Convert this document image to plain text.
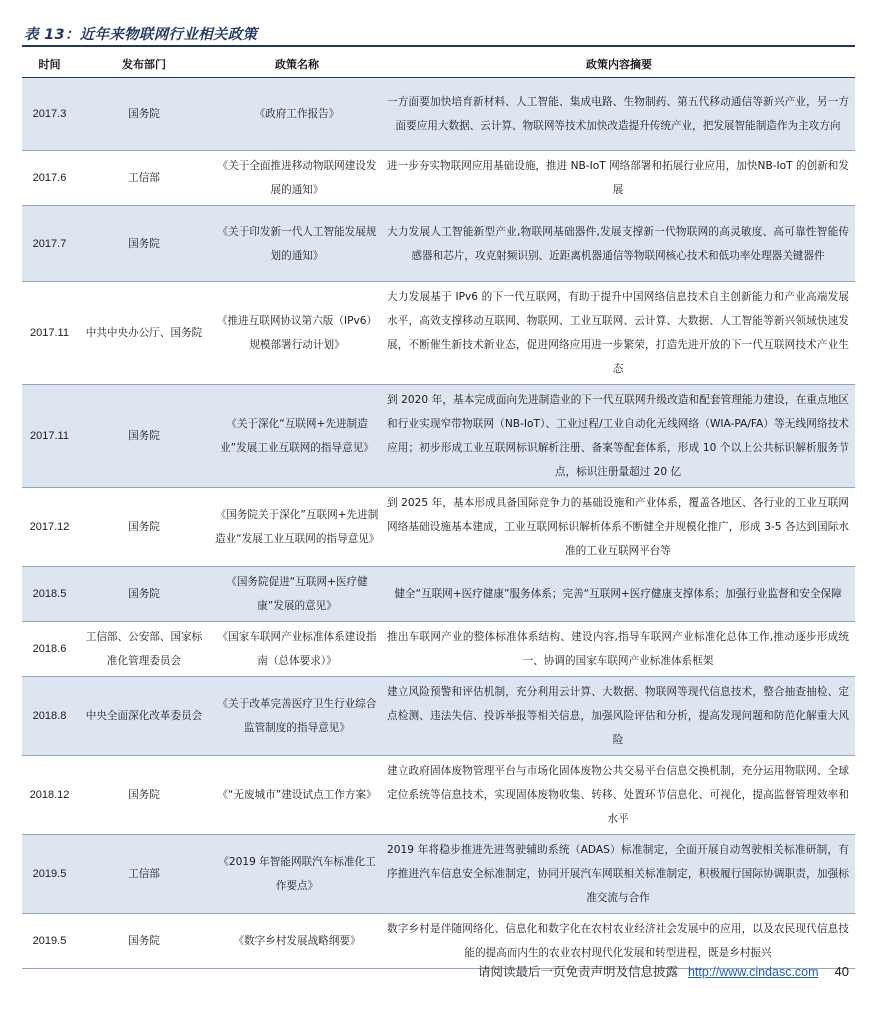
表 13：近年来物联网行业相关政策
时间	发布部门	政策名称	政策内容摘要
2017.3	国务院	《政府工作报告》	一方面要加快培育新材料、人工智能、集成电路、生物制药、第五代移动通信等新兴产业，另一方面要应用大数据、云计算、物联网等技术加快改造提升传统产业，把发展智能制造作为主攻方向
2017.6	工信部	《关于全面推进移动物联网建设发展的通知》	进一步夯实物联网应用基础设施，推进 NB-IoT 网络部署和拓展行业应用，加快NB-IoT 的创新和发展
2017.7	国务院	《关于印发新一代人工智能发展规划的通知》	大力发展人工智能新型产业,物联网基础器件,发展支撑新一代物联网的高灵敏度、高可靠性智能传感器和芯片，攻克射频识别、近距离机器通信等物联网核心技术和低功率处理器关键器件
2017.11	中共中央办公厅、国务院	《推进互联网协议第六版（IPv6）规模部署行动计划》	大力发展基于 IPv6 的下一代互联网，有助于提升中国网络信息技术自主创新能力和产业高端发展水平，高效支撑移动互联网、物联网、工业互联网、云计算、大数据、人工智能等新兴领域快速发展，不断催生新技术新业态，促进网络应用进一步繁荣，打造先进开放的下一代互联网技术产业生态
2017.11	国务院	《关于深化“互联网+先进制造业”发展工业互联网的指导意见》	到 2020 年，基本完成面向先进制造业的下一代互联网升级改造和配套管理能力建设，在重点地区和行业实现窄带物联网（NB-IoT）、工业过程/工业自动化无线网络（WIA-PA/FA）等无线网络技术应用；初步形成工业互联网标识解析注册、备案等配套体系，形成 10 个以上公共标识解析服务节点，标识注册量超过 20 亿
2017.12	国务院	《国务院关于深化”互联网+先进制造业“发展工业互联网的指导意见》	到 2025 年，基本形成具备国际竞争力的基础设施和产业体系，覆盖各地区、各行业的工业互联网网络基础设施基本建成，工业互联网标识解析体系不断健全并规模化推广，形成 3-5 各达到国际水准的工业互联网平台等
2018.5	国务院	《国务院促进“互联网+医疗健康”发展的意见》	健全“互联网+医疗健康”服务体系；完善“互联网+医疗健康支撑体系；加强行业监督和安全保障
2018.6	工信部、公安部、国家标准化管理委员会	《国家车联网产业标准体系建设指南（总体要求）》	推出车联网产业的整体标准体系结构、建设内容,指导车联网产业标准化总体工作,推动逐步形成统一、协调的国家车联网产业标准体系框架
2018.8	中央全面深化改革委员会	《关于改革完善医疗卫生行业综合监管制度的指导意见》	建立风险预警和评估机制，充分利用云计算、大数据、物联网等现代信息技术，整合抽查抽检、定点检测、违法失信、投诉举报等相关信息，加强风险评估和分析，提高发现问题和防范化解重大风险
2018.12	国务院	《“无废城市”建设试点工作方案》	建立政府固体废物管理平台与市场化固体废物公共交易平台信息交换机制，充分运用物联网、全球定位系统等信息技术，实现固体废物收集、转移、处置环节信息化、可视化，提高监督管理效率和水平
2019.5	工信部	《2019 年智能网联汽车标准化工作要点》	2019 年将稳步推进先进驾驶辅助系统（ADAS）标准制定，全面开展自动驾驶相关标准研制，有序推进汽车信息安全标准制定，协同开展汽车网联相关标准制定，积极履行国际协调职责，加强标准交流与合作
2019.5	国务院	《数字乡村发展战略纲要》	数字乡村是伴随网络化、信息化和数字化在农村农业经济社会发展中的应用，以及农民现代信息技能的提高而内生的农业农村现代化发展和转型进程，既是乡村振兴
请阅读最后一页免责声明及信息披露 http://www.cindasc.com 40
